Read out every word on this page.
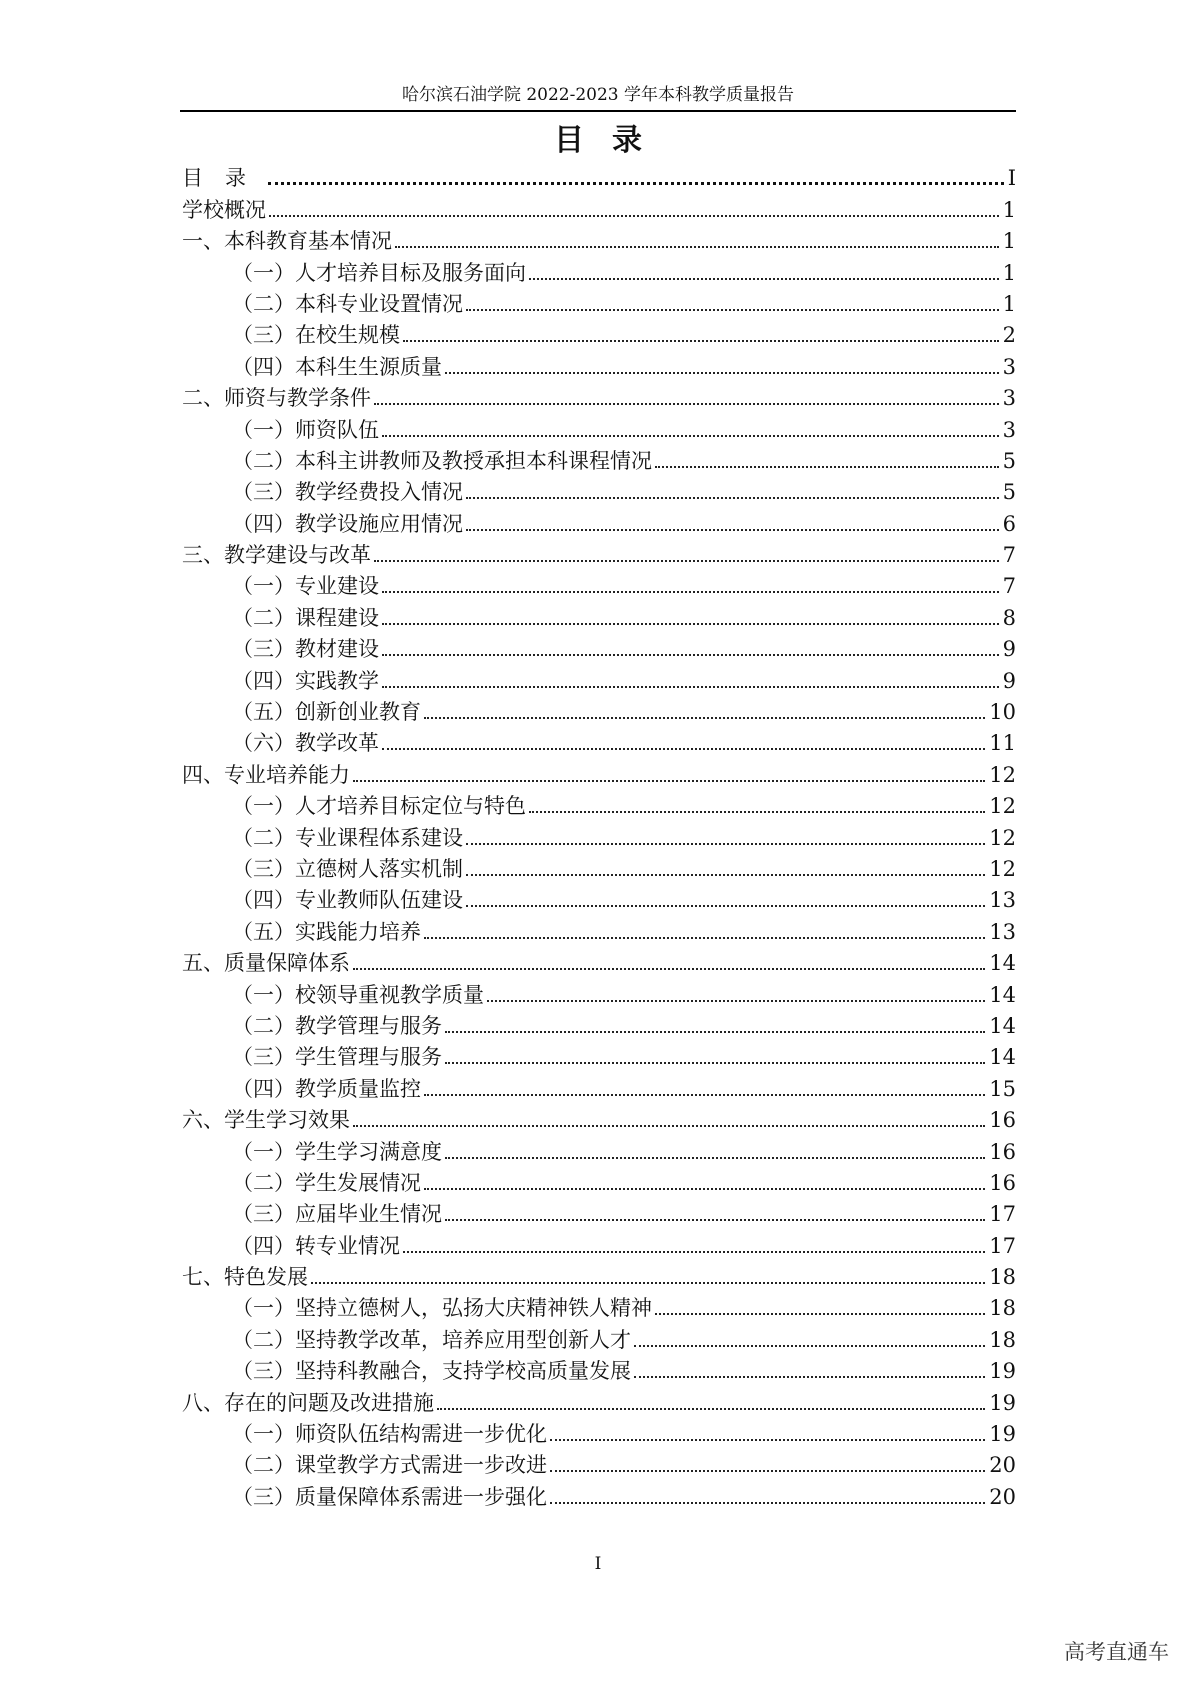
哈尔滨石油学院 2022-2023 学年本科教学质量报告
目录
目录	I
学校概况	1
一、本科教育基本情况	1
（一）人才培养目标及服务面向	1
（二）本科专业设置情况	1
（三）在校生规模	2
（四）本科生生源质量	3
二、师资与教学条件	3
（一）师资队伍	3
（二）本科主讲教师及教授承担本科课程情况	5
（三）教学经费投入情况	5
（四）教学设施应用情况	6
三、教学建设与改革	7
（一）专业建设	7
（二）课程建设	8
（三）教材建设	9
（四）实践教学	9
（五）创新创业教育	10
（六）教学改革	11
四、专业培养能力	12
（一）人才培养目标定位与特色	12
（二）专业课程体系建设	12
（三）立德树人落实机制	12
（四）专业教师队伍建设	13
（五）实践能力培养	13
五、质量保障体系	14
（一）校领导重视教学质量	14
（二）教学管理与服务	14
（三）学生管理与服务	14
（四）教学质量监控	15
六、学生学习效果	16
（一）学生学习满意度	16
（二）学生发展情况	16
（三）应届毕业生情况	17
（四）转专业情况	17
七、特色发展	18
（一）坚持立德树人，弘扬大庆精神铁人精神	18
（二）坚持教学改革，培养应用型创新人才	18
（三）坚持科教融合，支持学校高质量发展	19
八、存在的问题及改进措施	19
（一）师资队伍结构需进一步优化	19
（二）课堂教学方式需进一步改进	20
（三）质量保障体系需进一步强化	20
I
高考直通车
